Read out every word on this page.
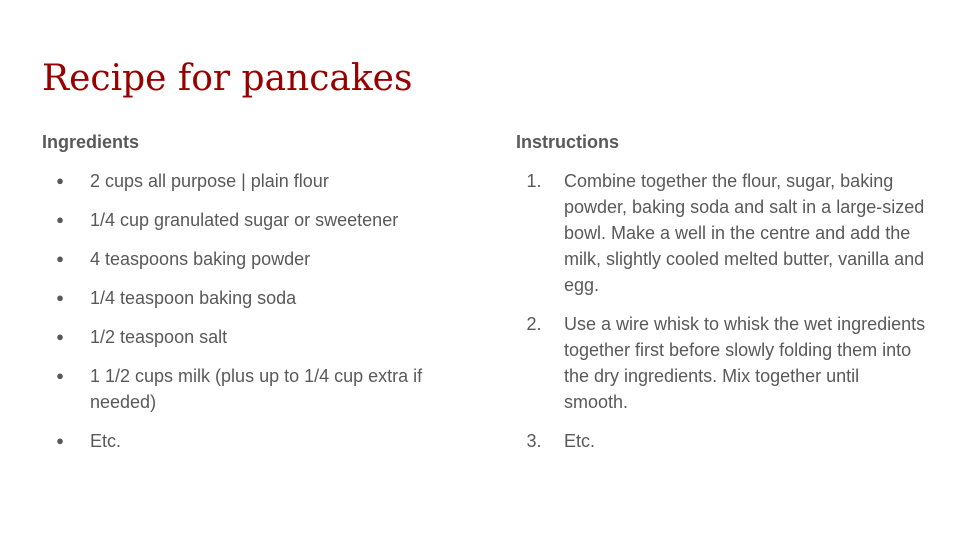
Recipe for pancakes
Ingredients
●	2 cups all purpose | plain flour
●	1/4 cup granulated sugar or sweetener
●	4 teaspoons baking powder
●	1/4 teaspoon baking soda
●	1/2 teaspoon salt
●	1 1/2 cups milk (plus up to 1/4 cup extra if needed)
●	Etc.
Instructions
1.	Combine together the flour, sugar, baking powder, baking soda and salt in a large-sized bowl. Make a well in the centre and add the milk, slightly cooled melted butter, vanilla and egg.
2.	Use a wire whisk to whisk the wet ingredients together first before slowly folding them into the dry ingredients. Mix together until smooth.
3.	Etc.
